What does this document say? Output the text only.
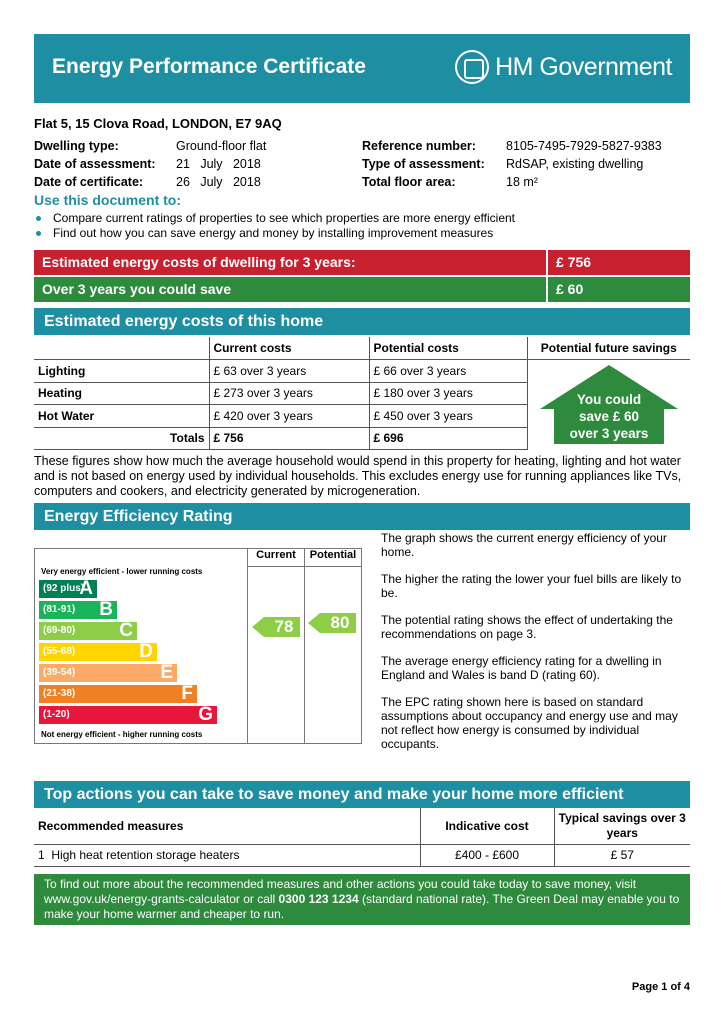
Energy Performance Certificate	HM Government
Flat 5, 15 Clova Road, LONDON, E7 9AQ
Dwelling type:	Ground-floor flat
Date of assessment: 21   July   2018
Date of certificate:	26   July   2018
Reference number: 8105-7495-7929-5827-9383
Type of assessment: RdSAP, existing dwelling
Total floor area:	18 m²
Use this document to:
Compare current ratings of properties to see which properties are more energy efficient
Find out how you can save energy and money by installing improvement measures
Estimated energy costs of dwelling for 3 years:	£ 756
Over 3 years you could save	£ 60
Estimated energy costs of this home
	Current costs	Potential costs	Potential future savings
Lighting	£ 63 over 3 years	£ 66 over 3 years	
Heating	£ 273 over 3 years	£ 180 over 3 years	
Hot Water	£ 420 over 3 years	£ 450 over 3 years	
Totals	£ 756	£ 696	
You could
save £ 60
over 3 years
These figures show how much the average household would spend in this property for heating, lighting and hot water and is not based on energy used by individual households. This excludes energy use for running appliances like TVs, computers and cookers, and electricity generated by microgeneration.
Energy Efficiency Rating
Very energy efficient - lower running costs
(92 plus)
A
(81-91) B
(69-80) C
(55-68)	D
(39-54)	E
(21-38)	F
(1-20)	G
Not energy efficient - higher running costs
Current	Potential
78 80

The graph shows the current energy efficiency of your home.

The higher the rating the lower your fuel bills are likely to be.

The potential rating shows the effect of undertaking the recommendations on page 3.

The average energy efficiency rating for a dwelling in England and Wales is band D (rating 60).

The EPC rating shown here is based on standard assumptions about occupancy and energy use and may not reflect how energy is consumed by individual occupants.

Top actions you can take to save money and make your home more efficient
Recommended measures	Indicative cost	Typical savings over 3 years
1 High heat retention storage heaters	£400 - £600	£ 57
To find out more about the recommended measures and other actions you could take today to save money, visit
www.gov.uk/energy-grants-calculator or call 0300 123 1234 (standard national rate). The Green Deal may enable you to
make your home warmer and cheaper to run.
Page 1 of 4
